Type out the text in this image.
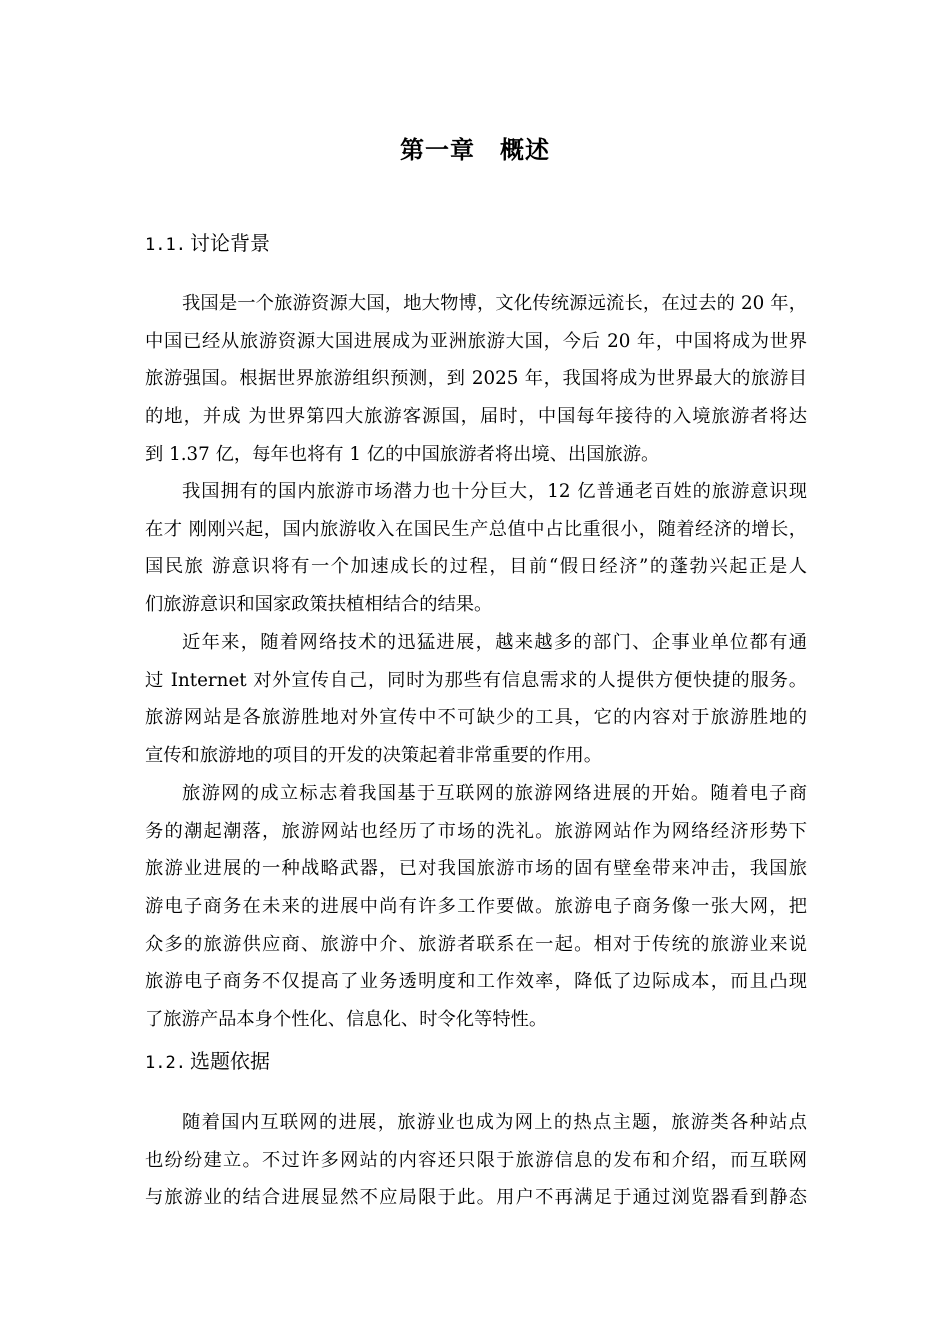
第一章　概述
1.1. 讨论背景
我国是一个旅游资源大国，地大物博，文化传统源远流长，在过去的 20 年，
中国已经从旅游资源大国进展成为亚洲旅游大国，今后 20 年，中国将成为世界
旅游强国。根据世界旅游组织预测，到 2025 年，我国将成为世界最大的旅游目
的地，并成 为世界第四大旅游客源国，届时，中国每年接待的入境旅游者将达
到 1.37 亿，每年也将有 1 亿的中国旅游者将出境、出国旅游。
我国拥有的国内旅游市场潜力也十分巨大，12 亿普通老百姓的旅游意识现
在才 刚刚兴起，国内旅游收入在国民生产总值中占比重很小，随着经济的增长，
国民旅 游意识将有一个加速成长的过程，目前“假日经济”的蓬勃兴起正是人
们旅游意识和国家政策扶植相结合的结果。
近年来，随着网络技术的迅猛进展，越来越多的部门、企事业单位都有通
过 Internet 对外宣传自己，同时为那些有信息需求的人提供方便快捷的服务。
旅游网站是各旅游胜地对外宣传中不可缺少的工具，它的内容对于旅游胜地的
宣传和旅游地的项目的开发的决策起着非常重要的作用。
旅游网的成立标志着我国基于互联网的旅游网络进展的开始。随着电子商
务的潮起潮落，旅游网站也经历了市场的洗礼。旅游网站作为网络经济形势下
旅游业进展的一种战略武器，已对我国旅游市场的固有壁垒带来冲击，我国旅
游电子商务在未来的进展中尚有许多工作要做。旅游电子商务像一张大网，把
众多的旅游供应商、旅游中介、旅游者联系在一起。相对于传统的旅游业来说
旅游电子商务不仅提高了业务透明度和工作效率，降低了边际成本，而且凸现
了旅游产品本身个性化、信息化、时令化等特性。
1.2. 选题依据
随着国内互联网的进展，旅游业也成为网上的热点主题，旅游类各种站点
也纷纷建立。不过许多网站的内容还只限于旅游信息的发布和介绍，而互联网
与旅游业的结合进展显然不应局限于此。用户不再满足于通过浏览器看到静态
